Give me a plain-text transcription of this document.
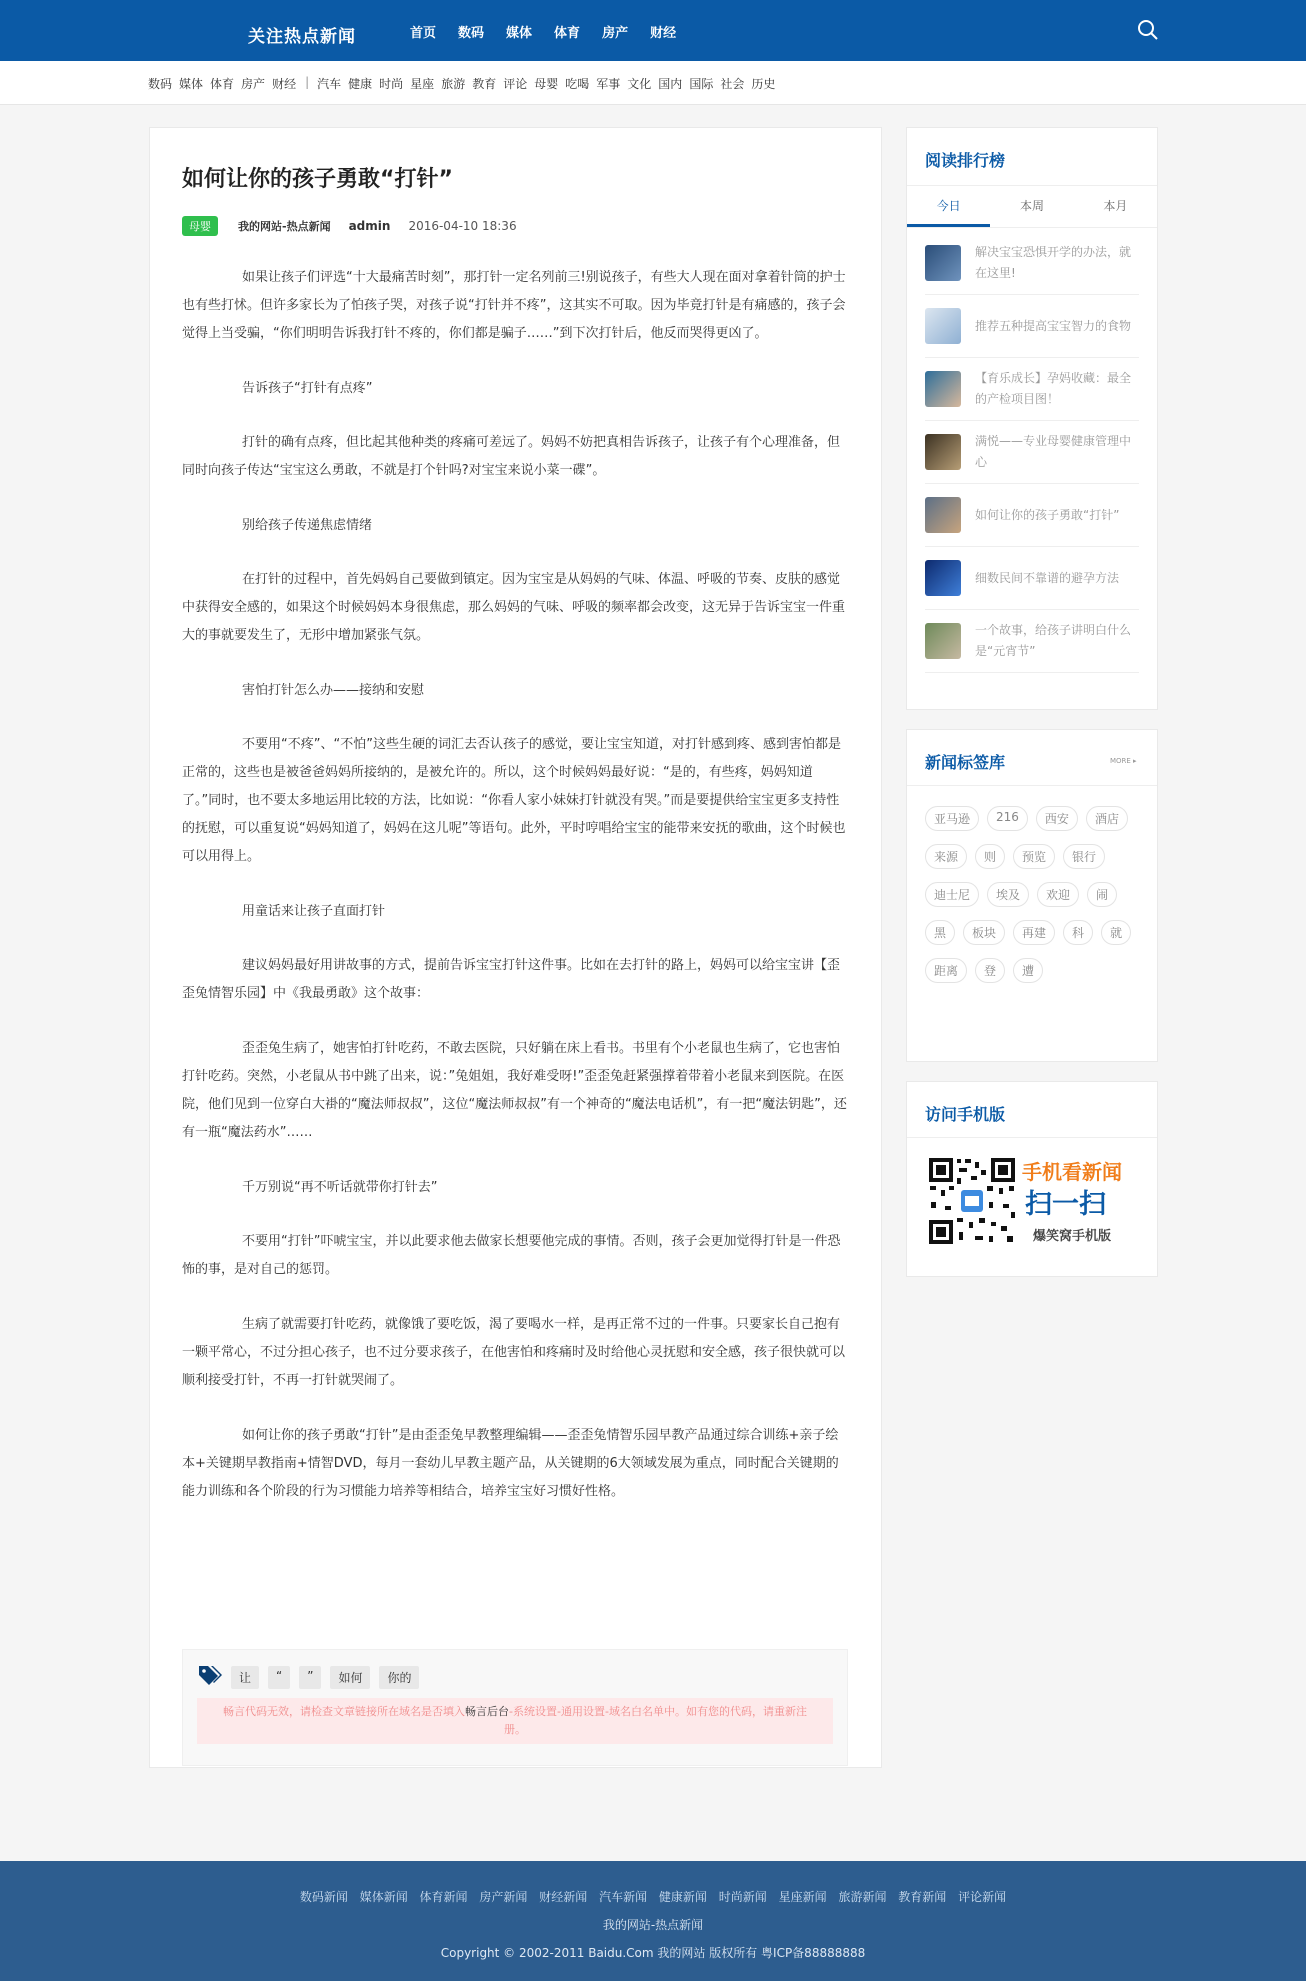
关注热点新闻	首页 数码 媒体 体育 房产 财经
数码 媒体 体育 房产 财经 | 汽车 健康 时尚 星座 旅游 教育 评论 母婴 吃喝 军事 文化 国内 国际 社会 历史
如何让你的孩子勇敢“打针”
母婴	我的网站-热点新闻 admin 2016-04-10 18:36

如果让孩子们评选“十大最痛苦时刻”，那打针一定名列前三!别说孩子，有些大人现在面对拿着针筒的护士也有些打怵。但许多家长为了怕孩子哭，对孩子说“打针并不疼”，这其实不可取。因为毕竟打针是有痛感的，孩子会觉得上当受骗，“你们明明告诉我打针不疼的，你们都是骗子……”到下次打针后，他反而哭得更凶了。

告诉孩子“打针有点疼”

打针的确有点疼，但比起其他种类的疼痛可差远了。妈妈不妨把真相告诉孩子，让孩子有个心理准备，但同时向孩子传达“宝宝这么勇敢，不就是打个针吗?对宝宝来说小菜一碟”。

别给孩子传递焦虑情绪

在打针的过程中，首先妈妈自己要做到镇定。因为宝宝是从妈妈的气味、体温、呼吸的节奏、皮肤的感觉中获得安全感的，如果这个时候妈妈本身很焦虑，那么妈妈的气味、呼吸的频率都会改变，这无异于告诉宝宝一件重大的事就要发生了，无形中增加紧张气氛。

害怕打针怎么办——接纳和安慰

不要用“不疼”、“不怕”这些生硬的词汇去否认孩子的感觉，要让宝宝知道，对打针感到疼、感到害怕都是正常的，这些也是被爸爸妈妈所接纳的，是被允许的。所以，这个时候妈妈最好说：“是的，有些疼，妈妈知道了。”同时，也不要太多地运用比较的方法，比如说：“你看人家小妹妹打针就没有哭。”而是要提供给宝宝更多支持性的抚慰，可以重复说“妈妈知道了，妈妈在这儿呢”等语句。此外，平时哼唱给宝宝的能带来安抚的歌曲，这个时候也可以用得上。

用童话来让孩子直面打针

建议妈妈最好用讲故事的方式，提前告诉宝宝打针这件事。比如在去打针的路上，妈妈可以给宝宝讲【歪歪兔情智乐园】中《我最勇敢》这个故事：

歪歪兔生病了，她害怕打针吃药，不敢去医院，只好躺在床上看书。书里有个小老鼠也生病了，它也害怕打针吃药。突然，小老鼠从书中跳了出来，说：”兔姐姐，我好难受呀!”歪歪兔赶紧强撑着带着小老鼠来到医院。在医院，他们见到一位穿白大褂的“魔法师叔叔”，这位“魔法师叔叔”有一个神奇的“魔法电话机”，有一把“魔法钥匙”，还有一瓶“魔法药水”……

千万别说“再不听话就带你打针去”

不要用“打针”吓唬宝宝，并以此要求他去做家长想要他完成的事情。否则，孩子会更加觉得打针是一件恐怖的事，是对自己的惩罚。

生病了就需要打针吃药，就像饿了要吃饭，渴了要喝水一样，是再正常不过的一件事。只要家长自己抱有一颗平常心，不过分担心孩子，也不过分要求孩子，在他害怕和疼痛时及时给他心灵抚慰和安全感，孩子很快就可以顺利接受打针，不再一打针就哭闹了。

如何让你的孩子勇敢“打针”是由歪歪兔早教整理编辑——歪歪兔情智乐园早教产品通过综合训练+亲子绘本+关键期早教指南+情智DVD，每月一套幼儿早教主题产品，从关键期的6大领域发展为重点，同时配合关键期的能力训练和各个阶段的行为习惯能力培养等相结合，培养宝宝好习惯好性格。

让	“	”	如何	你的
畅言代码无效，请检查文章链接所在域名是否填入畅言后台-系统设置-通用设置-域名白名单中。如有您的代码，请重新注册。
阅读排行榜
今日	本周	本月
解决宝宝恐惧开学的办法，就在这里!
推荐五种提高宝宝智力的食物
【育乐成长】孕妈收藏：最全的产检项目图！
满悦——专业母婴健康管理中心
如何让你的孩子勇敢“打针”
细数民间不靠谱的避孕方法
一个故事，给孩子讲明白什么是“元宵节”
新闻标签库	MORE ▸
亚马逊	216	西安	酒店
来源	则	预览	银行
迪士尼	埃及	欢迎	闹
黑	板块	再建	科	就
距离	登	遭
访问手机版
手机看新闻
扫一扫
爆笑窝手机版
数码新闻 媒体新闻 体育新闻 房产新闻 财经新闻 汽车新闻 健康新闻 时尚新闻 星座新闻 旅游新闻 教育新闻 评论新闻
我的网站-热点新闻
Copyright © 2002-2011 Baidu.Com 我的网站 版权所有 粤ICP备88888888
